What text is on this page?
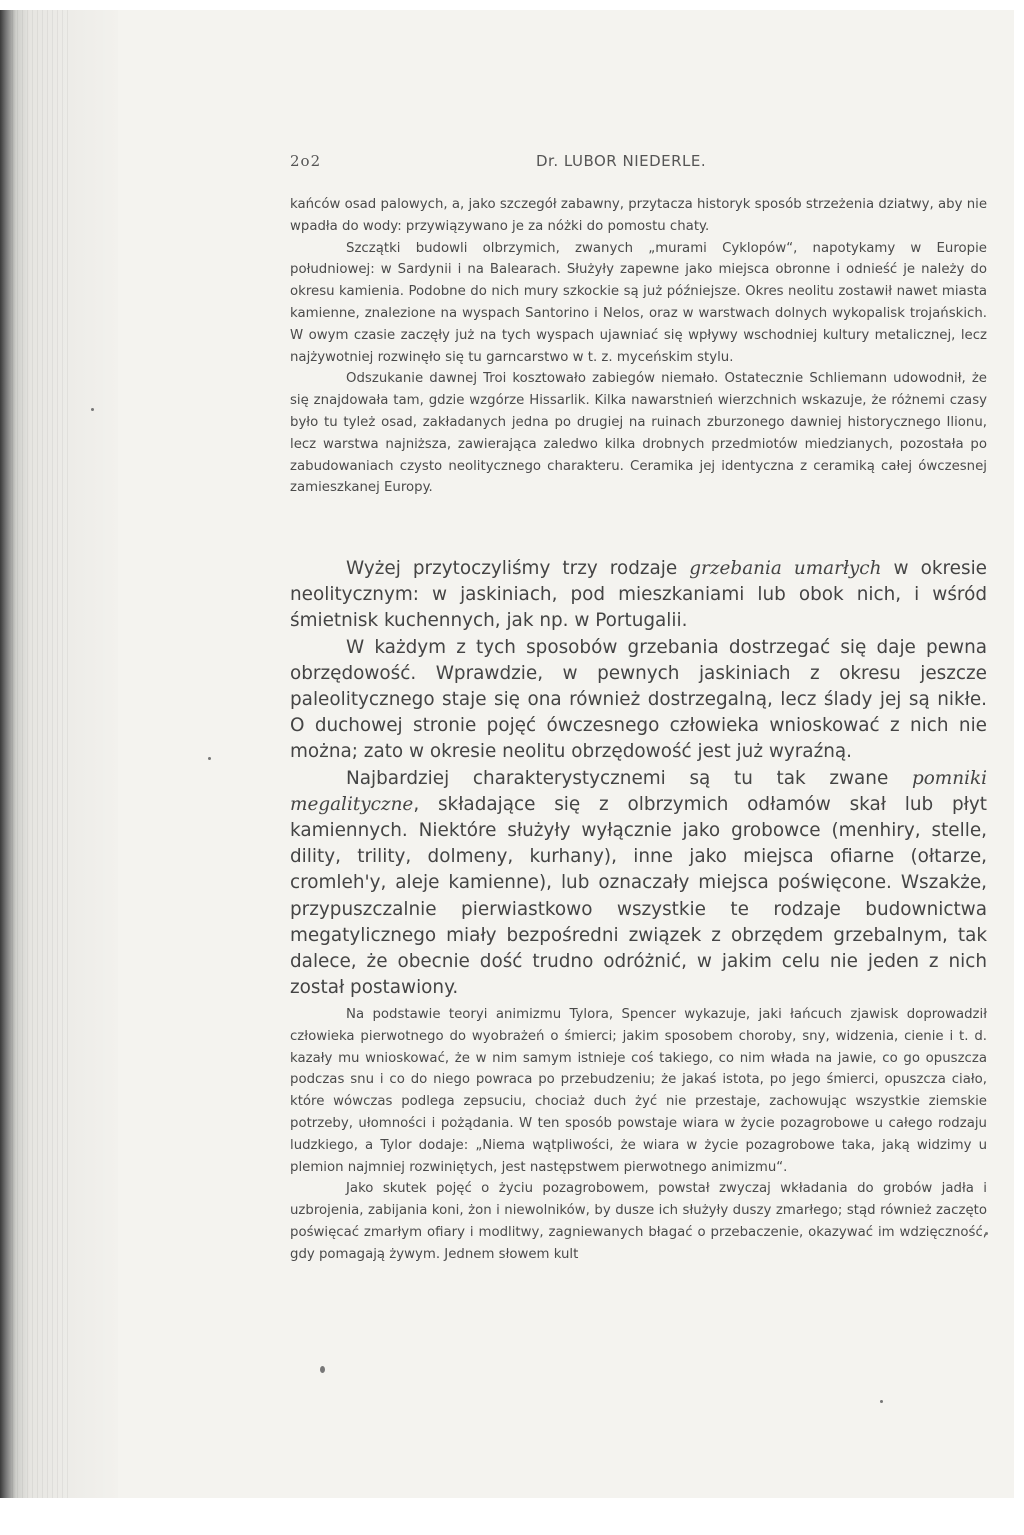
2o2	Dr. LUBOR NIEDERLE.

kańców osad palowych, a, jako szczegół zabawny, przytacza historyk sposób strzeżenia dziatwy, aby nie wpadła do wody: przywiązywano je za nóżki do pomostu chaty.

Szczątki budowli olbrzymich, zwanych „murami Cyklopów“, napotykamy w Europie południowej: w Sardynii i na Balearach. Służyły zapewne jako miejsca obronne i odnieść je należy do okresu kamienia. Podobne do nich mury szkockie są już późniejsze. Okres neolitu zostawił nawet miasta kamienne, znalezione na wyspach Santorino i Nelos, oraz w warstwach dolnych wykopalisk trojańskich. W owym czasie zaczęły już na tych wyspach ujawniać się wpływy wschodniej kultury metalicznej, lecz najżywotniej rozwinęło się tu garncarstwo w t. z. myceńskim stylu.

Odszukanie dawnej Troi kosztowało zabiegów niemało. Ostatecznie Schliemann udowodnił, że się znajdowała tam, gdzie wzgórze Hissarlik. Kilka nawarstnień wierzchnich wskazuje, że różnemi czasy było tu tyleż osad, zakładanych jedna po drugiej na ruinach zburzonego dawniej historycznego Ilionu, lecz warstwa najniższa, zawierająca zaledwo kilka drobnych przedmiotów miedzianych, pozostała po zabudowaniach czysto neolitycznego charakteru. Ceramika jej identyczna z ceramiką całej ówczesnej zamieszkanej Europy.

Wyżej przytoczyliśmy trzy rodzaje grzebania umarłych w okresie neolitycznym: w jaskiniach, pod mieszkaniami lub obok nich, i wśród śmietnisk kuchennych, jak np. w Portugalii.

W każdym z tych sposobów grzebania dostrzegać się daje pewna obrzędowość. Wprawdzie, w pewnych jaskiniach z okresu jeszcze paleolitycznego staje się ona również dostrzegalną, lecz ślady jej są nikłe. O duchowej stronie pojęć ówczesnego człowieka wnioskować z nich nie można; zato w okresie neolitu obrzędowość jest już wyraźną.

Najbardziej charakterystycznemi są tu tak zwane pomniki megalityczne, składające się z olbrzymich odłamów skał lub płyt kamiennych. Niektóre służyły wyłącznie jako grobowce (menhiry, stelle, dility, trility, dolmeny, kurhany), inne jako miejsca ofiarne (ołtarze, cromleh'y, aleje kamienne), lub oznaczały miejsca poświęcone. Wszakże, przypuszczalnie pierwiastkowo wszystkie te rodzaje budownictwa megatylicznego miały bezpośredni związek z obrzędem grzebalnym, tak dalece, że obecnie dość trudno odróżnić, w jakim celu nie jeden z nich został postawiony.

Na podstawie teoryi animizmu Tylora, Spencer wykazuje, jaki łańcuch zjawisk doprowadził człowieka pierwotnego do wyobrażeń o śmierci; jakim sposobem choroby, sny, widzenia, cienie i t. d. kazały mu wnioskować, że w nim samym istnieje coś takiego, co nim włada na jawie, co go opuszcza podczas snu i co do niego powraca po przebudzeniu; że jakaś istota, po jego śmierci, opuszcza ciało, które wówczas podlega zepsuciu, chociaż duch żyć nie przestaje, zachowując wszystkie ziemskie potrzeby, ułomności i pożądania. W ten sposób powstaje wiara w życie pozagrobowe u całego rodzaju ludzkiego, a Tylor dodaje: „Niema wątpliwości, że wiara w życie pozagrobowe taka, jaką widzimy u plemion najmniej rozwiniętych, jest następstwem pierwotnego animizmu“.

Jako skutek pojęć o życiu pozagrobowem, powstał zwyczaj wkładania do grobów jadła i uzbrojenia, zabijania koni, żon i niewolników, by dusze ich służyły duszy zmarłego; stąd również zaczęto poświęcać zmarłym ofiary i modlitwy, zagniewanych błagać o przebaczenie, okazywać im wdzięczność, gdy pomagają żywym. Jednem słowem kult
